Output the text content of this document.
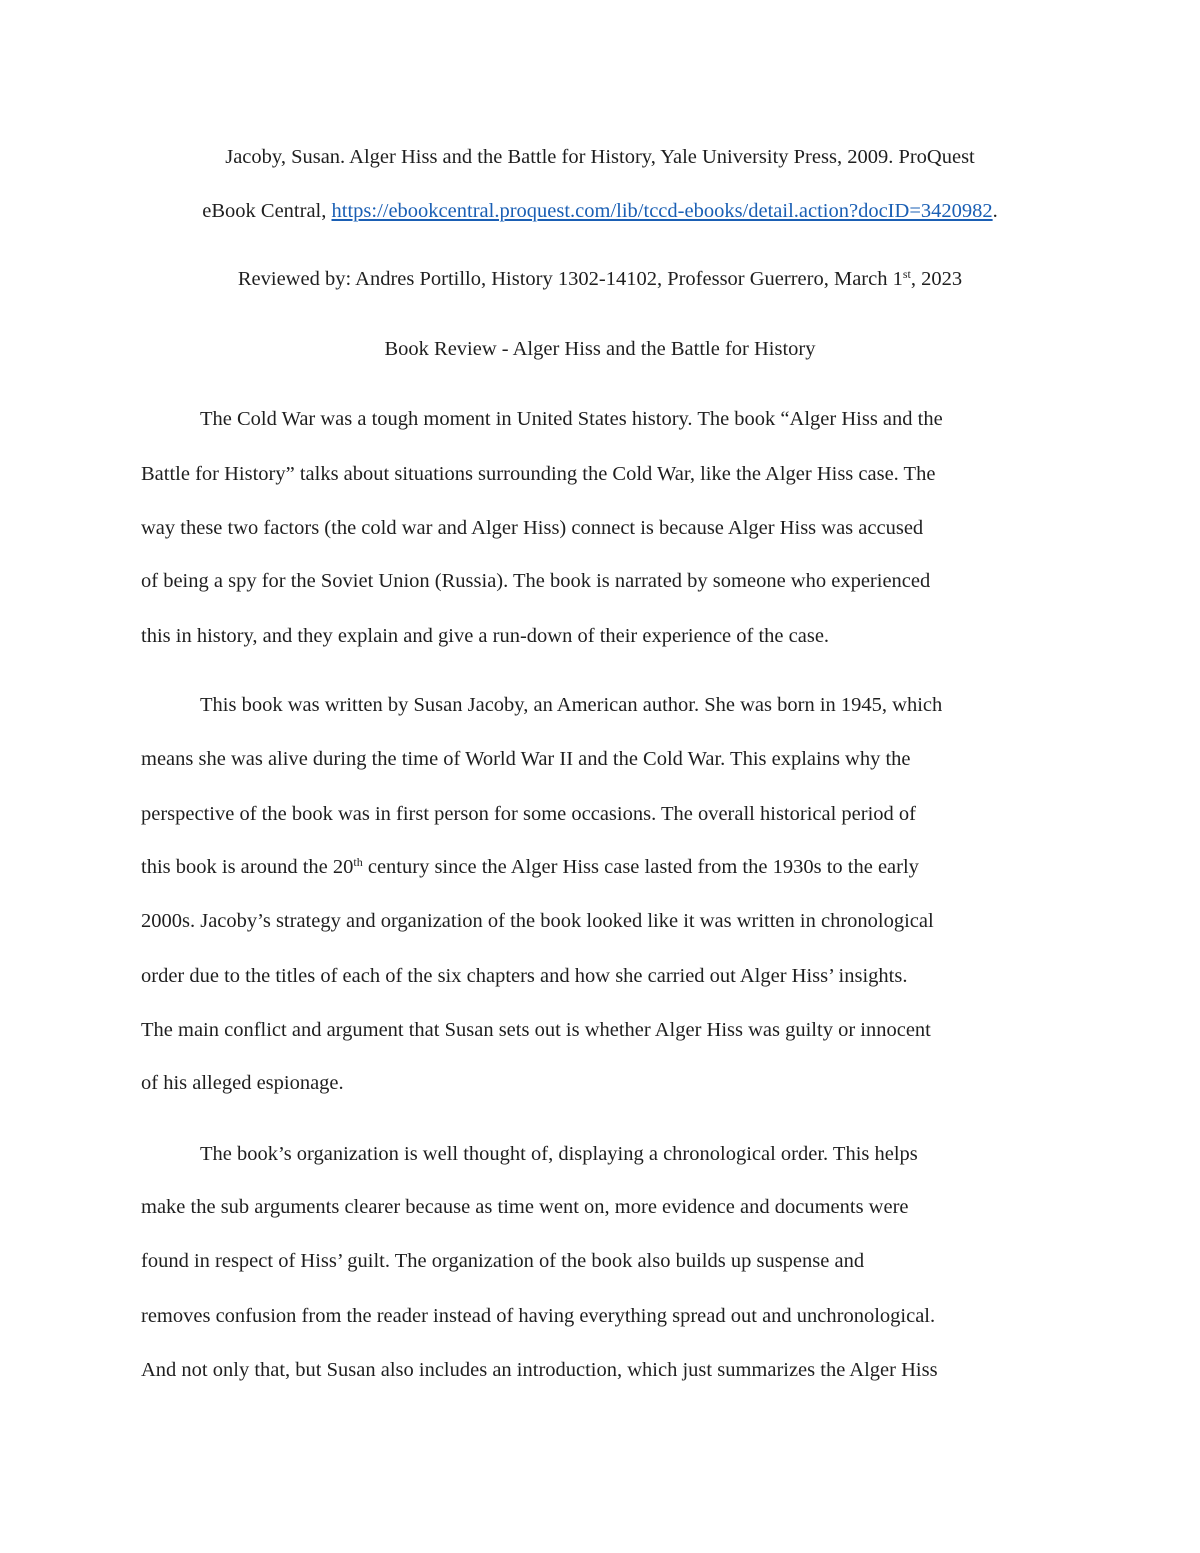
Jacoby, Susan. Alger Hiss and the Battle for History, Yale University Press, 2009. ProQuest
eBook Central, https://ebookcentral.proquest.com/lib/tccd-ebooks/detail.action?docID=3420982.
Reviewed by: Andres Portillo, History 1302-14102, Professor Guerrero, March 1st, 2023
Book Review - Alger Hiss and the Battle for History
The Cold War was a tough moment in United States history. The book “Alger Hiss and the
Battle for History” talks about situations surrounding the Cold War, like the Alger Hiss case. The
way these two factors (the cold war and Alger Hiss) connect is because Alger Hiss was accused
of being a spy for the Soviet Union (Russia). The book is narrated by someone who experienced
this in history, and they explain and give a run-down of their experience of the case.
This book was written by Susan Jacoby, an American author. She was born in 1945, which
means she was alive during the time of World War II and the Cold War. This explains why the
perspective of the book was in first person for some occasions. The overall historical period of
this book is around the 20th century since the Alger Hiss case lasted from the 1930s to the early
2000s. Jacoby’s strategy and organization of the book looked like it was written in chronological
order due to the titles of each of the six chapters and how she carried out Alger Hiss’ insights.
The main conflict and argument that Susan sets out is whether Alger Hiss was guilty or innocent
of his alleged espionage.
The book’s organization is well thought of, displaying a chronological order. This helps
make the sub arguments clearer because as time went on, more evidence and documents were
found in respect of Hiss’ guilt. The organization of the book also builds up suspense and
removes confusion from the reader instead of having everything spread out and unchronological.
And not only that, but Susan also includes an introduction, which just summarizes the Alger Hiss
